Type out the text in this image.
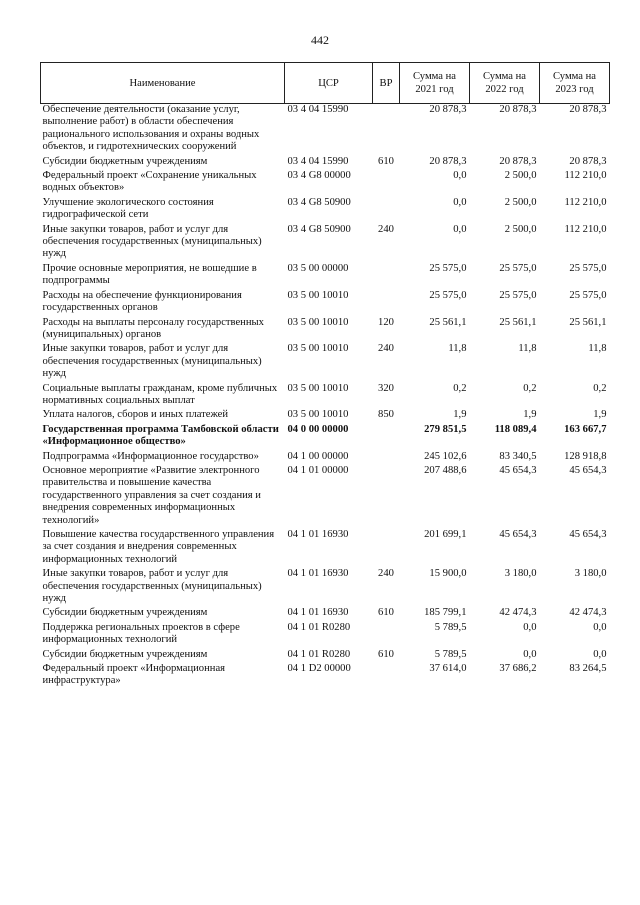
442
Наименование	ЦСР	ВР	Сумма на 2021 год	Сумма на 2022 год	Сумма на 2023 год
Обеспечение деятельности (оказание услуг, выполнение работ) в области обеспечения рационального использования и охраны водных объектов, и гидротехнических сооружений	03 4 04 15990		20 878,3	20 878,3	20 878,3
Субсидии бюджетным учреждениям	03 4 04 15990	610	20 878,3	20 878,3	20 878,3
Федеральный проект «Сохранение уникальных водных объектов»	03 4 G8 00000		0,0	2 500,0	112 210,0
Улучшение экологического состояния гидрографической сети	03 4 G8 50900		0,0	2 500,0	112 210,0
Иные закупки товаров, работ и услуг для обеспечения государственных (муниципальных) нужд	03 4 G8 50900	240	0,0	2 500,0	112 210,0
Прочие основные мероприятия, не вошедшие в подпрограммы	03 5 00 00000		25 575,0	25 575,0	25 575,0
Расходы на обеспечение функционирования государственных органов	03 5 00 10010		25 575,0	25 575,0	25 575,0
Расходы на выплаты персоналу государственных (муниципальных) органов	03 5 00 10010	120	25 561,1	25 561,1	25 561,1
Иные закупки товаров, работ и услуг для обеспечения государственных (муниципальных) нужд	03 5 00 10010	240	11,8	11,8	11,8
Социальные выплаты гражданам, кроме публичных нормативных социальных выплат	03 5 00 10010	320	0,2	0,2	0,2
Уплата налогов, сборов и иных платежей	03 5 00 10010	850	1,9	1,9	1,9
Государственная программа Тамбовской области «Информационное общество»	04 0 00 00000		279 851,5	118 089,4	163 667,7
Подпрограмма «Информационное государство»	04 1 00 00000		245 102,6	83 340,5	128 918,8
Основное мероприятие «Развитие электронного правительства и повышение качества государственного управления за счет создания и внедрения современных информационных технологий»	04 1 01 00000		207 488,6	45 654,3	45 654,3
Повышение качества государственного управления за счет создания и внедрения современных информационных технологий	04 1 01 16930		201 699,1	45 654,3	45 654,3
Иные закупки товаров, работ и услуг для обеспечения государственных (муниципальных) нужд	04 1 01 16930	240	15 900,0	3 180,0	3 180,0
Субсидии бюджетным учреждениям	04 1 01 16930	610	185 799,1	42 474,3	42 474,3
Поддержка региональных проектов в сфере информационных технологий	04 1 01 R0280		5 789,5	0,0	0,0
Субсидии бюджетным учреждениям	04 1 01 R0280	610	5 789,5	0,0	0,0
Федеральный проект «Информационная инфраструктура»	04 1 D2 00000		37 614,0	37 686,2	83 264,5
